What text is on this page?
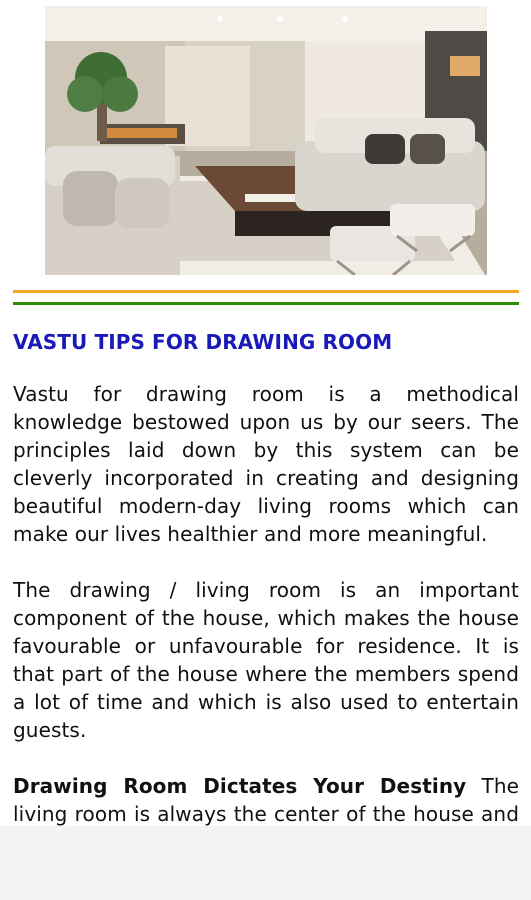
VASTU TIPS FOR DRAWING ROOM

Vastu for drawing room is a methodical knowledge bestowed upon us by our seers. The principles laid down by this system can be cleverly incorporated in creating and designing beautiful modern-day living rooms which can make our lives healthier and more meaningful.

The drawing / living room is an important component of the house, which makes the house favourable or unfavourable for residence. It is that part of the house where the members spend a lot of time and which is also used to entertain guests.

Drawing Room Dictates Your Destiny The living room is always the center of the house and
